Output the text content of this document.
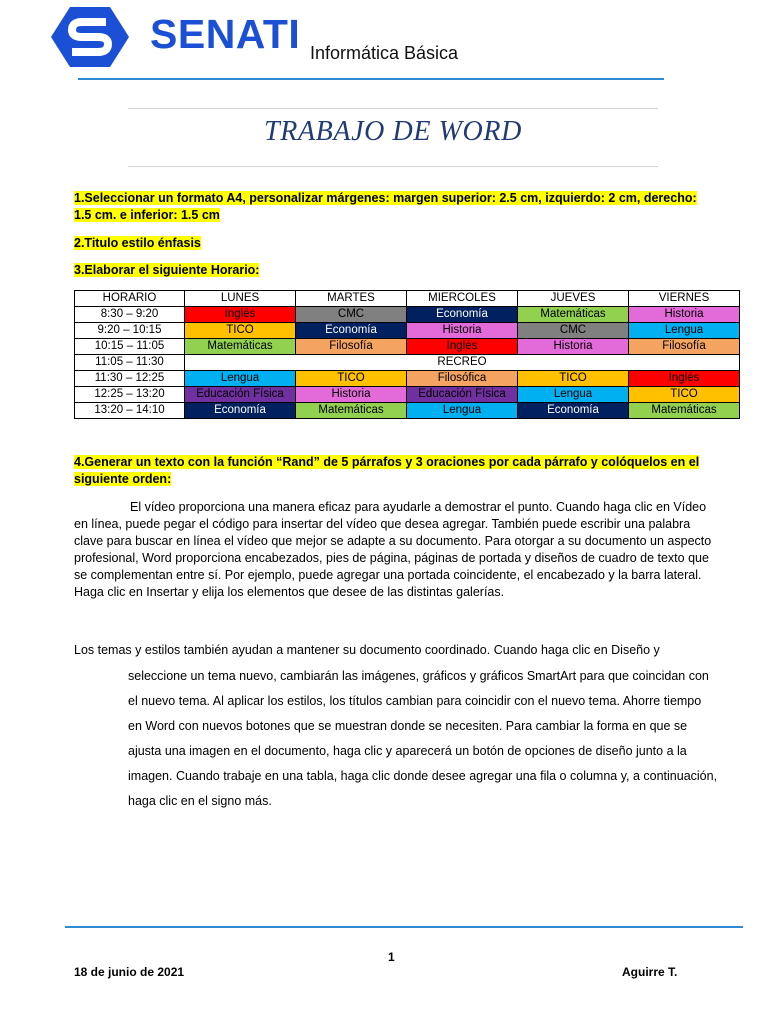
SENATI Informática Básica
TRABAJO DE WORD
1.Seleccionar un formato A4, personalizar márgenes: margen superior: 2.5 cm, izquierdo: 2 cm, derecho: 1.5 cm. e inferior: 1.5 cm
2.Titulo estilo énfasis
3.Elaborar el siguiente Horario:
HORARIO	LUNES	MARTES	MIERCOLES	JUEVES	VIERNES
8:30 – 9:20	Inglés	CMC	Economía	Matemáticas	Historia
9:20 – 10:15	TICO	Economía	Historia	CMC	Lengua
10:15 – 11:05	Matemáticas	Filosofía	Inglés	Historia	Filosofía
11:05 – 11:30	RECREO				
11:30 – 12:25	Lengua	TICO	Filosófica	TICO	Inglés
12:25 – 13:20	Educación Física	Historia	Educación Física	Lengua	TICO
13:20 – 14:10	Economía	Matemáticas	Lengua	Economía	Matemáticas
4.Generar un texto con la función “Rand” de 5 párrafos y 3 oraciones por cada párrafo y colóquelos en el siguiente orden:
El vídeo proporciona una manera eficaz para ayudarle a demostrar el punto. Cuando haga clic en Vídeo en línea, puede pegar el código para insertar del vídeo que desea agregar. También puede escribir una palabra clave para buscar en línea el vídeo que mejor se adapte a su documento. Para otorgar a su documento un aspecto profesional, Word proporciona encabezados, pies de página, páginas de portada y diseños de cuadro de texto que se complementan entre sí. Por ejemplo, puede agregar una portada coincidente, el encabezado y la barra lateral. Haga clic en Insertar y elija los elementos que desee de las distintas galerías.
Los temas y estilos también ayudan a mantener su documento coordinado. Cuando haga clic en Diseño y
seleccione un tema nuevo, cambiarán las imágenes, gráficos y gráficos SmartArt para que coincidan con el nuevo tema. Al aplicar los estilos, los títulos cambian para coincidir con el nuevo tema. Ahorre tiempo en Word con nuevos botones que se muestran donde se necesiten. Para cambiar la forma en que se ajusta una imagen en el documento, haga clic y aparecerá un botón de opciones de diseño junto a la imagen. Cuando trabaje en una tabla, haga clic donde desee agregar una fila o columna y, a continuación, haga clic en el signo más.
1
18 de junio de 2021	Aguirre T.
